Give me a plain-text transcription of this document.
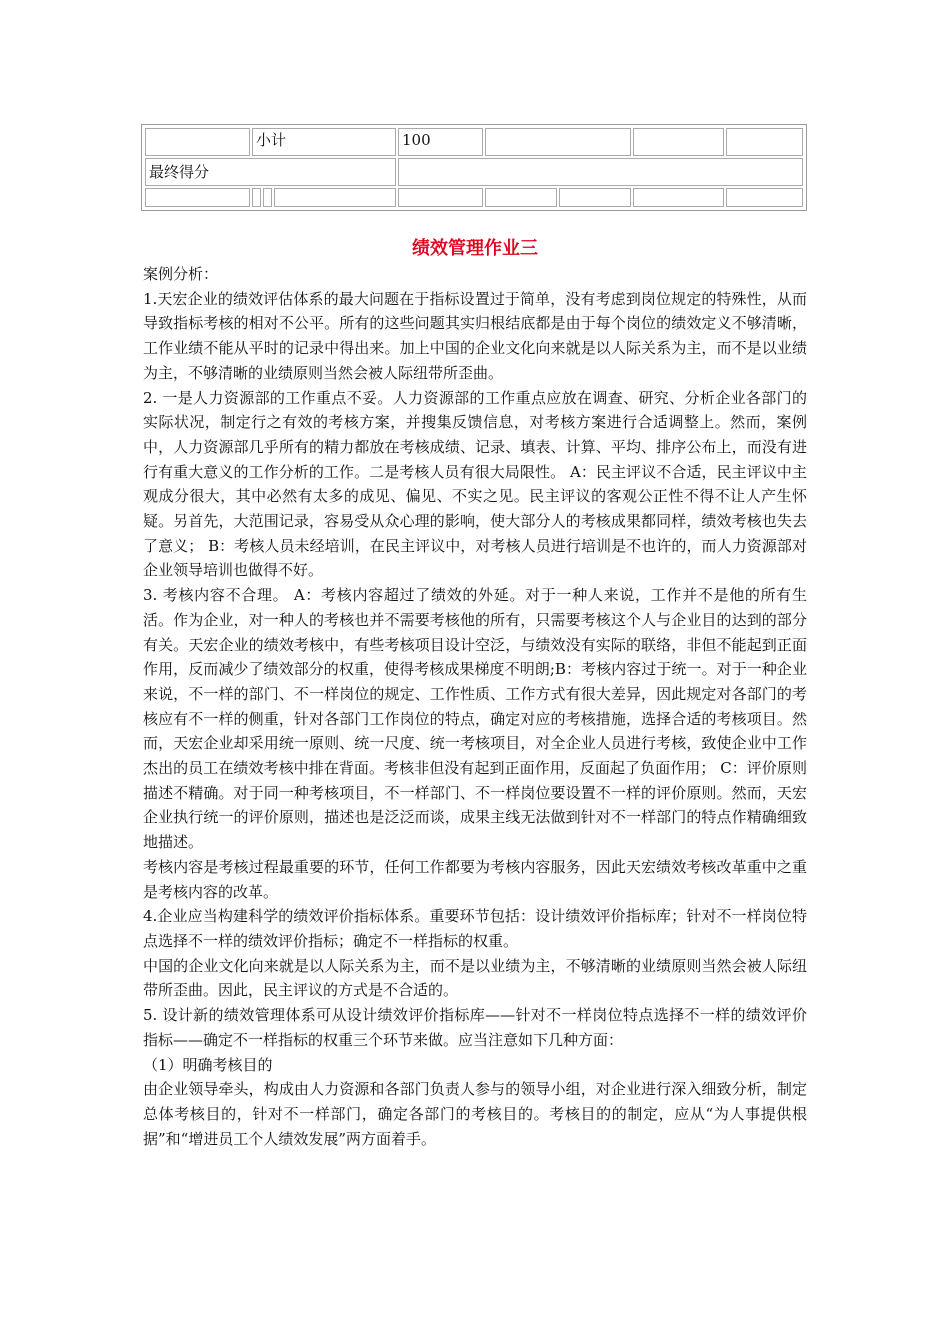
小计	100
最终得分
绩效管理作业三

案例分析：

1.天宏企业的绩效评估体系的最大问题在于指标设置过于简单，没有考虑到岗位规定的特殊性，从而导致指标考核的相对不公平。所有的这些问题其实归根结底都是由于每个岗位的绩效定义不够清晰，工作业绩不能从平时的记录中得出来。加上中国的企业文化向来就是以人际关系为主，而不是以业绩为主，不够清晰的业绩原则当然会被人际纽带所歪曲。

2. 一是人力资源部的工作重点不妥。人力资源部的工作重点应放在调查、研究、分析企业各部门的实际状况，制定行之有效的考核方案，并搜集反馈信息，对考核方案进行合适调整上。然而，案例中，人力资源部几乎所有的精力都放在考核成绩、记录、填表、计算、平均、排序公布上，而没有进行有重大意义的工作分析的工作。二是考核人员有很大局限性。 A：民主评议不合适，民主评议中主观成分很大，其中必然有太多的成见、偏见、不实之见。民主评议的客观公正性不得不让人产生怀疑。另首先，大范围记录，容易受从众心理的影响，使大部分人的考核成果都同样，绩效考核也失去了意义； B：考核人员未经培训，在民主评议中，对考核人员进行培训是不也许的，而人力资源部对企业领导培训也做得不好。

3. 考核内容不合理。 A：考核内容超过了绩效的外延。对于一种人来说，工作并不是他的所有生活。作为企业，对一种人的考核也并不需要考核他的所有，只需要考核这个人与企业目的达到的部分有关。天宏企业的绩效考核中，有些考核项目设计空泛，与绩效没有实际的联络，非但不能起到正面作用，反而减少了绩效部分的权重，使得考核成果梯度不明朗;B：考核内容过于统一。对于一种企业来说，不一样的部门、不一样岗位的规定、工作性质、工作方式有很大差异，因此规定对各部门的考核应有不一样的侧重，针对各部门工作岗位的特点，确定对应的考核措施，选择合适的考核项目。然而，天宏企业却采用统一原则、统一尺度、统一考核项目，对全企业人员进行考核，致使企业中工作杰出的员工在绩效考核中排在背面。考核非但没有起到正面作用，反面起了负面作用； C：评价原则描述不精确。对于同一种考核项目，不一样部门、不一样岗位要设置不一样的评价原则。然而，天宏企业执行统一的评价原则，描述也是泛泛而谈，成果主线无法做到针对不一样部门的特点作精确细致地描述。

考核内容是考核过程最重要的环节，任何工作都要为考核内容服务，因此天宏绩效考核改革重中之重是考核内容的改革。

4.企业应当构建科学的绩效评价指标体系。重要环节包括：设计绩效评价指标库；针对不一样岗位特点选择不一样的绩效评价指标；确定不一样指标的权重。

中国的企业文化向来就是以人际关系为主，而不是以业绩为主，不够清晰的业绩原则当然会被人际纽带所歪曲。因此，民主评议的方式是不合适的。

5. 设计新的绩效管理体系可从设计绩效评价指标库——针对不一样岗位特点选择不一样的绩效评价指标——确定不一样指标的权重三个环节来做。应当注意如下几种方面：

（1）明确考核目的

由企业领导牵头，构成由人力资源和各部门负责人参与的领导小组，对企业进行深入细致分析，制定总体考核目的，针对不一样部门，确定各部门的考核目的。考核目的的制定，应从“为人事提供根据”和“增进员工个人绩效发展”两方面着手。
